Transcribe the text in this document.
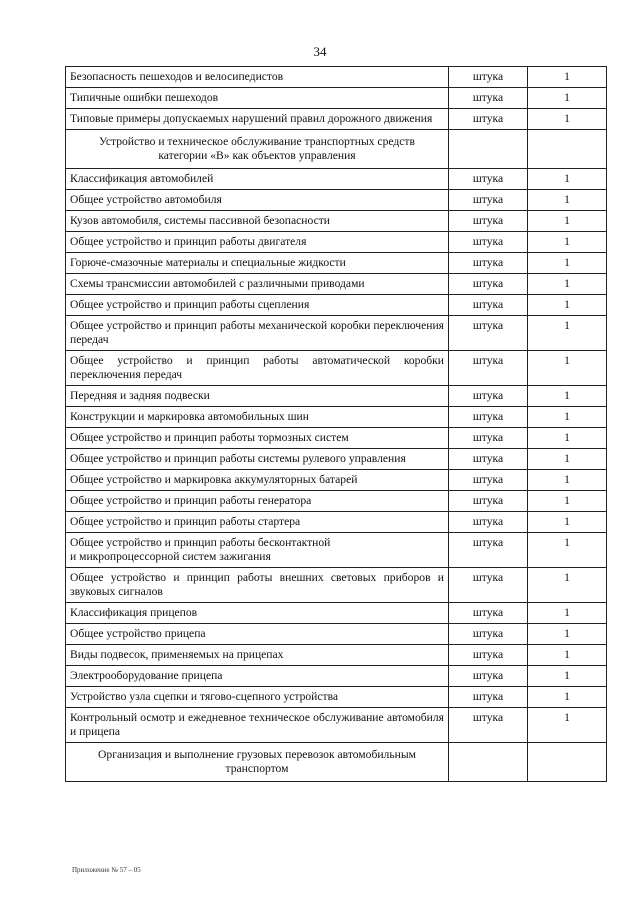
34
Безопасность пешеходов и велосипедистов	штука	1
Типичные ошибки пешеходов	штука	1
Типовые примеры допускаемых нарушений правил дорожного движения	штука	1
Устройство и техническое обслуживание транспортных средств категории «В» как объектов управления		
Классификация автомобилей	штука	1
Общее устройство автомобиля	штука	1
Кузов автомобиля, системы пассивной безопасности	штука	1
Общее устройство и принцип работы двигателя	штука	1
Горюче-смазочные материалы и специальные жидкости	штука	1
Схемы трансмиссии автомобилей с различными приводами	штука	1
Общее устройство и принцип работы сцепления	штука	1
Общее устройство и принцип работы механической коробки переключения передач	штука	1
Общее устройство и принцип работы автоматической коробки переключения передач	штука	1
Передняя и задняя подвески	штука	1
Конструкции и маркировка автомобильных шин	штука	1
Общее устройство и принцип работы тормозных систем	штука	1
Общее устройство и принцип работы системы рулевого управления	штука	1
Общее устройство и маркировка аккумуляторных батарей	штука	1
Общее устройство и принцип работы генератора	штука	1
Общее устройство и принцип работы стартера	штука	1
Общее устройство и принцип работы бесконтактной
и микропроцессорной систем зажигания	штука	1
Общее устройство и принцип работы внешних световых приборов и звуковых сигналов	штука	1
Классификация прицепов	штука	1
Общее устройство прицепа	штука	1
Виды подвесок, применяемых на прицепах	штука	1
Электрооборудование прицепа	штука	1
Устройство узла сцепки и тягово-сцепного устройства	штука	1
Контрольный осмотр и ежедневное техническое обслуживание автомобиля и прицепа	штука	1
Организация и выполнение грузовых перевозок автомобильным транспортом		
Приложение № 57 – 05
